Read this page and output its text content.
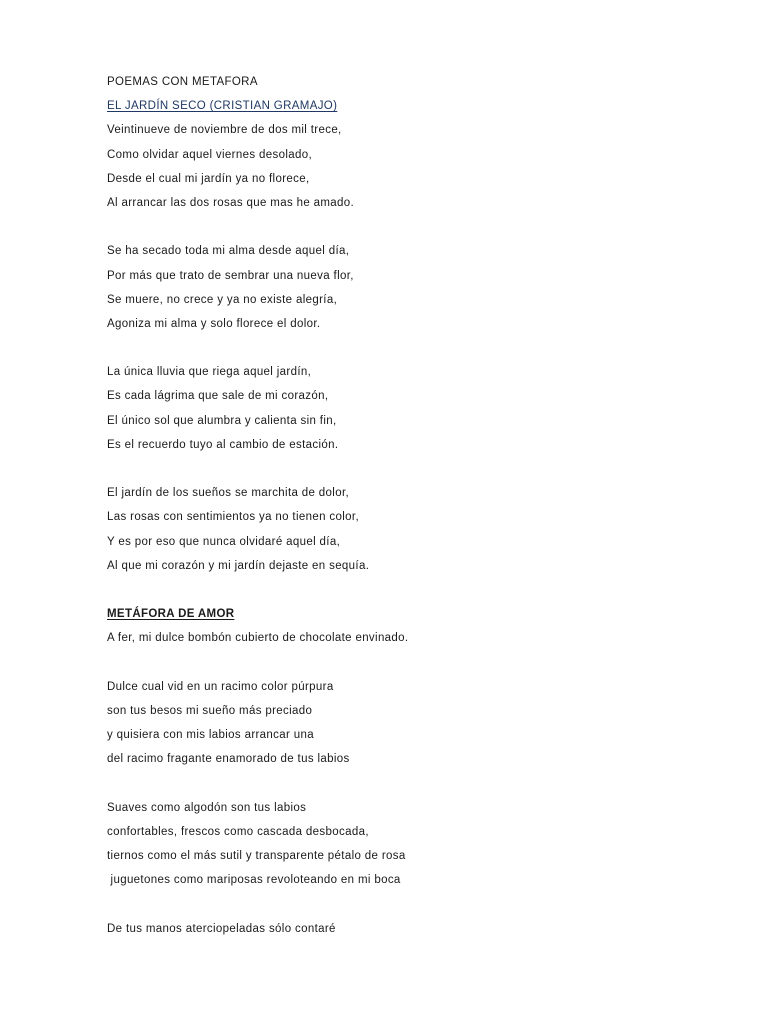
POEMAS CON METAFORA
EL JARDÍN SECO (CRISTIAN GRAMAJO)
Veintinueve de noviembre de dos mil trece,
Como olvidar aquel viernes desolado,
Desde el cual mi jardín ya no florece,
Al arrancar las dos rosas que mas he amado.
Se ha secado toda mi alma desde aquel día,
Por más que trato de sembrar una nueva flor,
Se muere, no crece y ya no existe alegría,
Agoniza mi alma y solo florece el dolor.
La única lluvia que riega aquel jardín,
Es cada lágrima que sale de mi corazón,
El único sol que alumbra y calienta sin fin,
Es el recuerdo tuyo al cambio de estación.
El jardín de los sueños se marchita de dolor,
Las rosas con sentimientos ya no tienen color,
Y es por eso que nunca olvidaré aquel día,
Al que mi corazón y mi jardín dejaste en sequía.
METÁFORA DE AMOR
A fer, mi dulce bombón cubierto de chocolate envinado.
Dulce cual vid en un racimo color púrpura
son tus besos mi sueño más preciado
y quisiera con mis labios arrancar una
del racimo fragante enamorado de tus labios
Suaves como algodón son tus labios
confortables, frescos como cascada desbocada,
tiernos como el más sutil y transparente pétalo de rosa
juguetones como mariposas revoloteando en mi boca
De tus manos aterciopeladas sólo contaré
